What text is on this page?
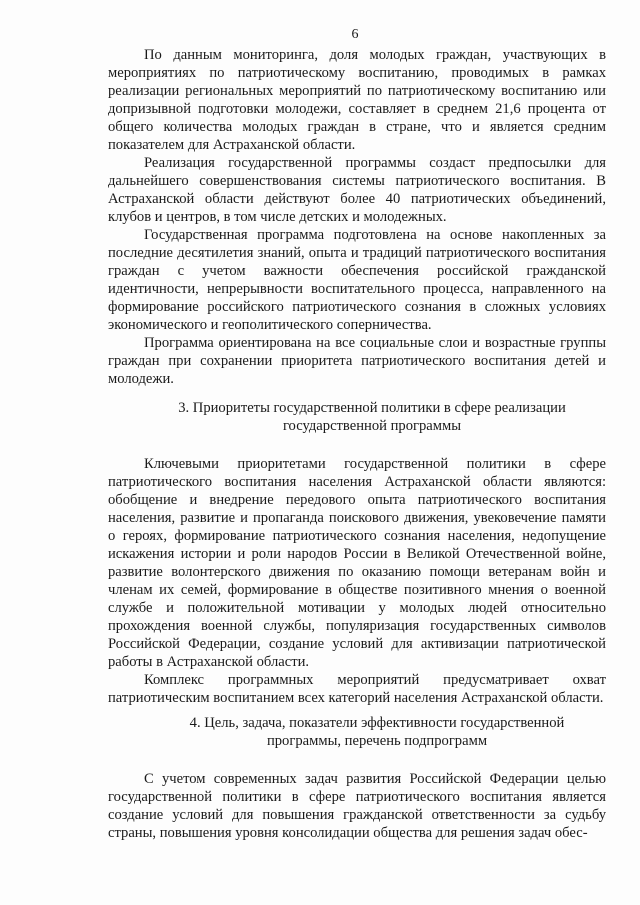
6

По данным мониторинга, доля молодых граждан, участвующих в мероприятиях по патриотическому воспитанию, проводимых в рамках реализации региональных мероприятий по патриотическому воспитанию или допризывной подготовки молодежи, составляет в среднем 21,6 процента от общего количества молодых граждан в стране, что и является средним показателем для Астраханской области.

Реализация государственной программы создаст предпосылки для дальнейшего совершенствования системы патриотического воспитания. В Астраханской области действуют более 40 патриотических объединений, клубов и центров, в том числе детских и молодежных.

Государственная программа подготовлена на основе накопленных за последние десятилетия знаний, опыта и традиций патриотического воспитания граждан с учетом важности обеспечения российской гражданской идентичности, непрерывности воспитательного процесса, направленного на формирование российского патриотического сознания в сложных условиях экономического и геополитического соперничества.

Программа ориентирована на все социальные слои и возрастные группы граждан при сохранении приоритета патриотического воспитания детей и молодежи.

3. Приоритеты государственной политики в сфере реализации
государственной программы

Ключевыми приоритетами государственной политики в сфере патриотического воспитания населения Астраханской области являются: обобщение и внедрение передового опыта патриотического воспитания населения, развитие и пропаганда поискового движения, увековечение памяти о героях, формирование патриотического сознания населения, недопущение искажения истории и роли народов России в Великой Отечественной войне, развитие волонтерского движения по оказанию помощи ветеранам войн и членам их семей, формирование в обществе позитивного мнения о военной службе и положительной мотивации у молодых людей относительно прохождения военной службы, популяризация государственных символов Российской Федерации, создание условий для активизации патриотической работы в Астраханской области.

Комплекс программных мероприятий предусматривает охват патриотическим воспитанием всех категорий населения Астраханской области.

4. Цель, задача, показатели эффективности государственной
программы, перечень подпрограмм

С учетом современных задач развития Российской Федерации целью государственной политики в сфере патриотического воспитания является создание условий для повышения гражданской ответственности за судьбу страны, повышения уровня консолидации общества для решения задач обес-
